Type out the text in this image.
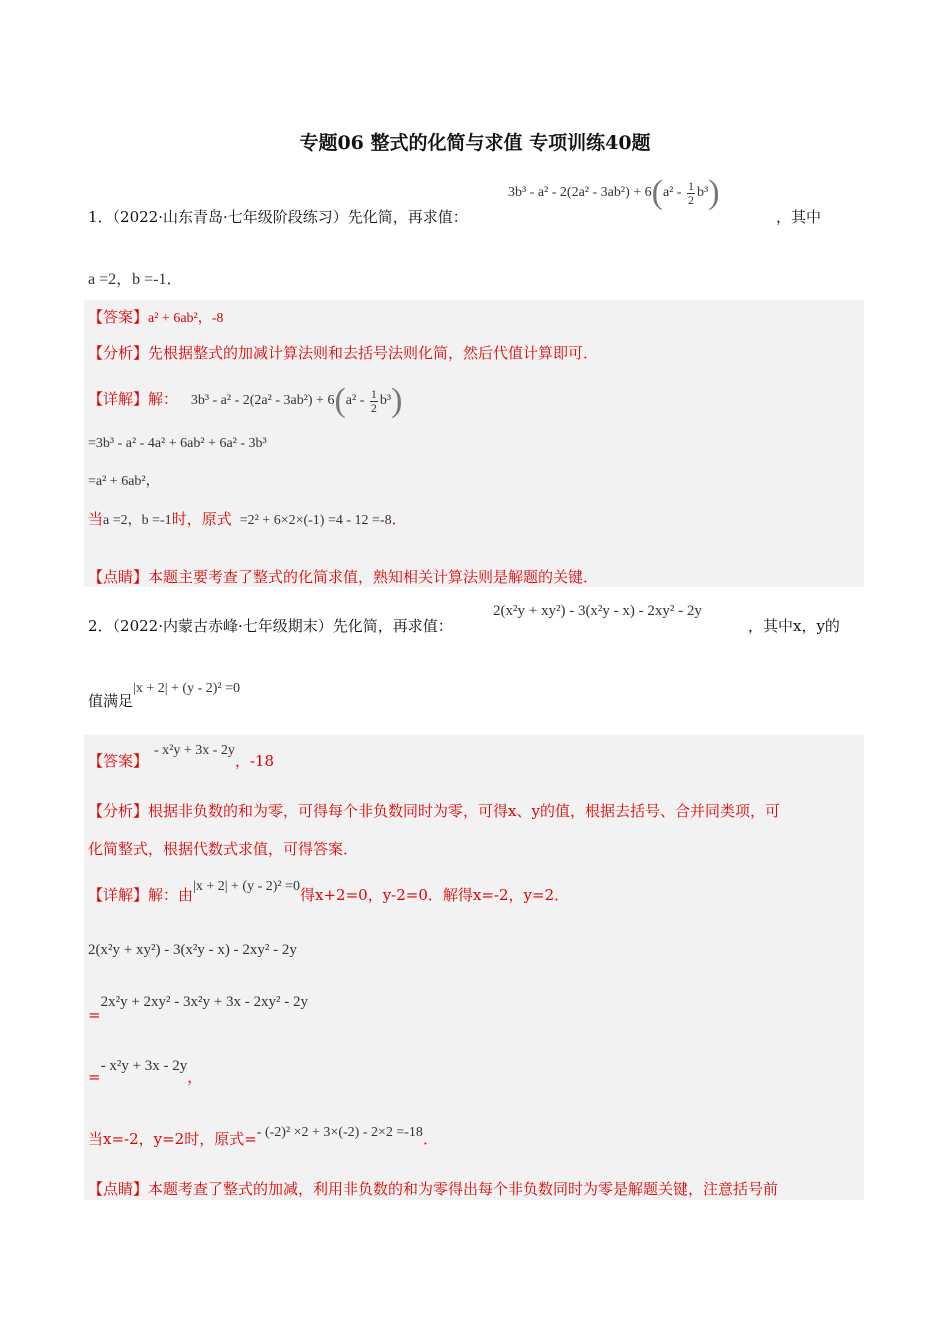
专题06 整式的化简与求值 专项训练40题
1．（2022·山东青岛·七年级阶段练习）先化简，再求值：
$3b^3 - a^2 - 2(2a^2 - 3ab^2) + 6(a^2 - \frac{1}{2} b^3)$
，其中
a =2，b =-1．
【答案】a² + 6ab²，-8
【分析】先根据整式的加减计算法则和去括号法则化简，然后代值计算即可．
【详解】解： $3b^3 - a^2 - 2(2a^2 - 3ab^2) + 6(a^2 - \frac{1}{2} b^3)$
=3b³ - a² - 4a² + 6ab² + 6a² - 3b³
=a² + 6ab²，
当a =2，b =-1时，原式 =2² + 6×2×(-1) =4 - 12 =-8．
【点睛】本题主要考查了整式的化简求值，熟知相关计算法则是解题的关键．
2．（2022·内蒙古赤峰·七年级期末）先化简，再求值：
2(x²y + xy²) - 3(x²y - x) - 2xy² - 2y
，其中x，y的
值满足|x + 2| + (y - 2)² =0
【答案】- x²y + 3x - 2y，-18
【分析】根据非负数的和为零，可得每个非负数同时为零，可得x、y的值，根据去括号、合并同类项，可
化简整式，根据代数式求值，可得答案．
【详解】解：由|x + 2| + (y - 2)² =0得x+2=0，y-2=0．解得x=-2，y=2．
2(x²y + xy²) - 3(x²y - x) - 2xy² - 2y
=2x²y + 2xy² - 3x²y + 3x - 2xy² - 2y
=- x²y + 3x - 2y，
当x=-2，y=2时，原式=- (-2)² ×2 + 3×(-2) - 2×2 =-18．
【点睛】本题考查了整式的加减，利用非负数的和为零得出每个非负数同时为零是解题关键，注意括号前
